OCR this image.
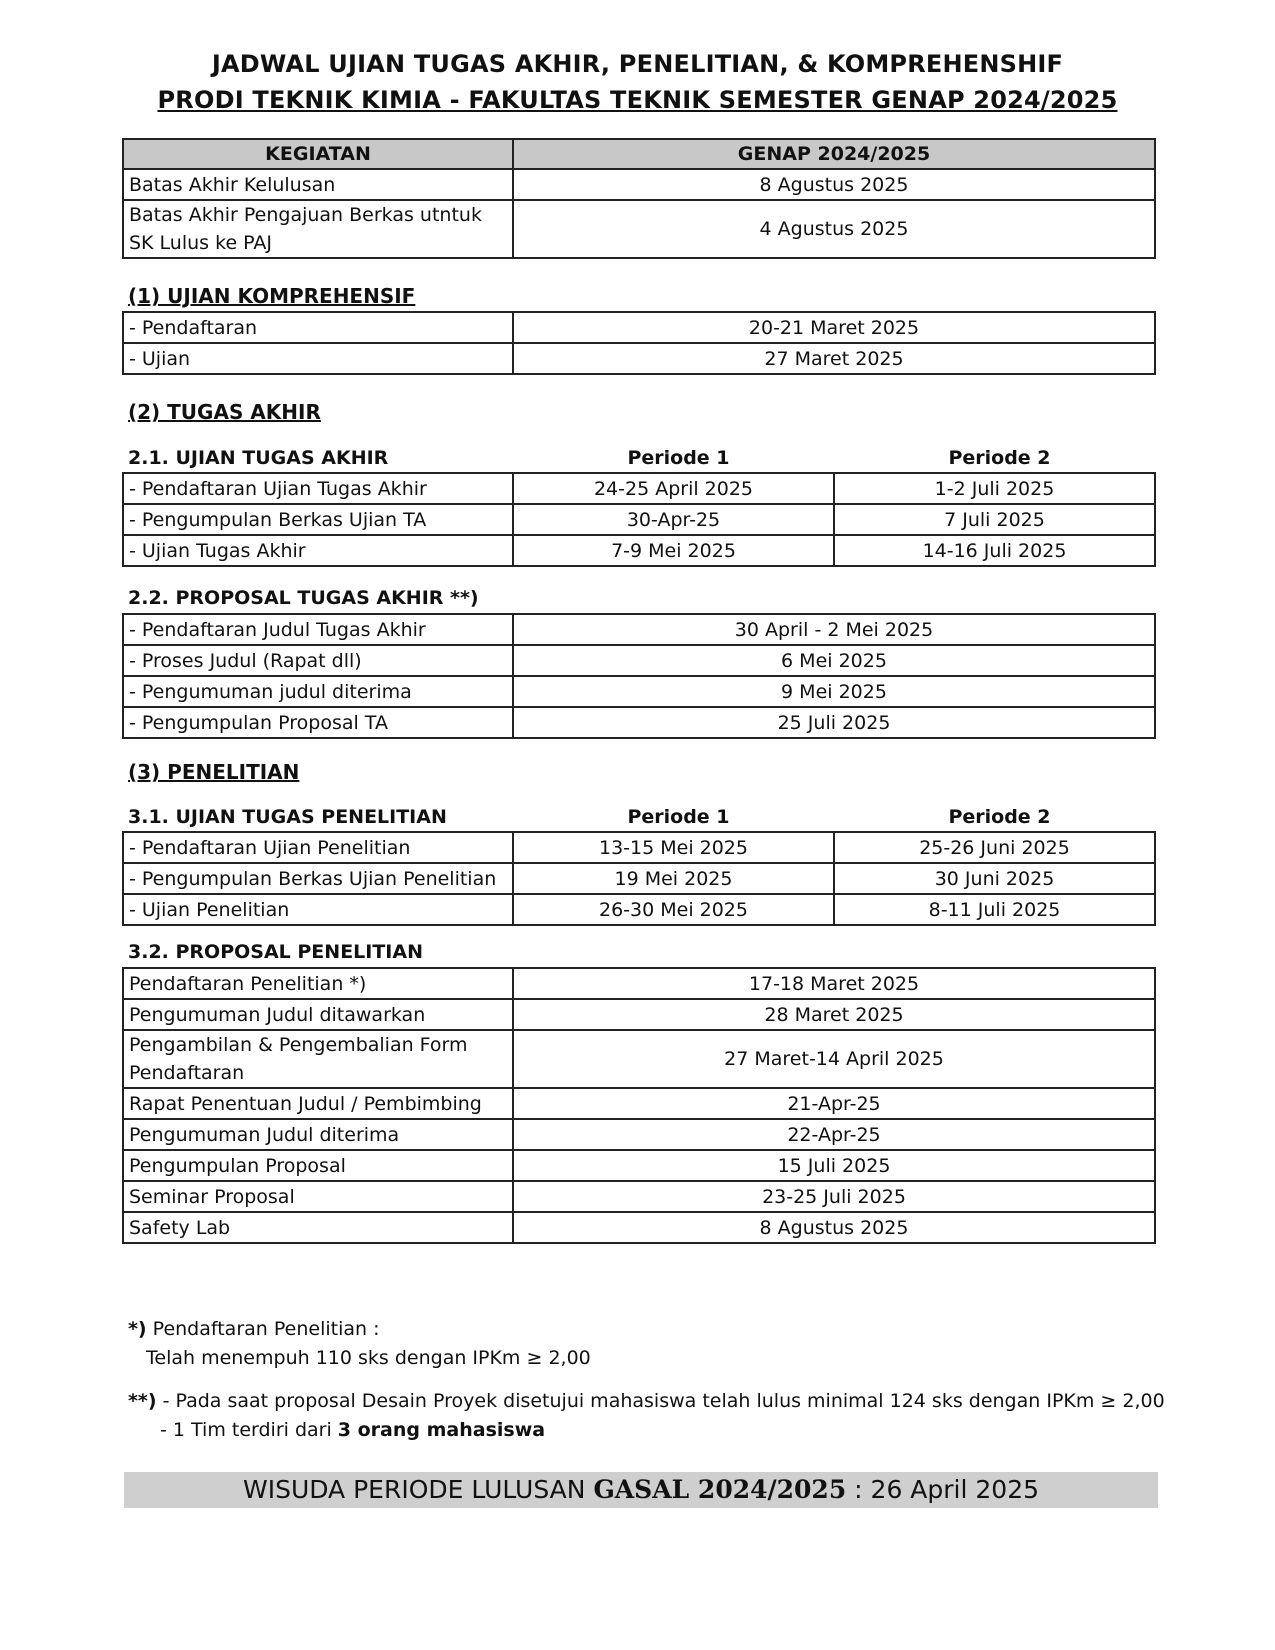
JADWAL UJIAN TUGAS AKHIR, PENELITIAN, & KOMPREHENSHIF
PRODI TEKNIK KIMIA - FAKULTAS TEKNIK SEMESTER GENAP 2024/2025
KEGIATAN	GENAP 2024/2025
Batas Akhir Kelulusan	8 Agustus 2025
Batas Akhir Pengajuan Berkas utntuk SK Lulus ke PAJ	4 Agustus 2025
(1) UJIAN KOMPREHENSIF
- Pendaftaran	20-21 Maret 2025
- Ujian	27 Maret 2025
(2) TUGAS AKHIR
2.1. UJIAN TUGAS AKHIR	Periode 1	Periode 2
- Pendaftaran Ujian Tugas Akhir	24-25 April 2025	1-2 Juli 2025
- Pengumpulan Berkas Ujian TA	30-Apr-25	7 Juli 2025
- Ujian Tugas Akhir	7-9 Mei 2025	14-16 Juli 2025
2.2. PROPOSAL TUGAS AKHIR **)
- Pendaftaran Judul Tugas Akhir	30 April - 2 Mei 2025
- Proses Judul (Rapat dll)	6 Mei 2025
- Pengumuman judul diterima	9 Mei 2025
- Pengumpulan Proposal TA	25 Juli 2025
(3) PENELITIAN
3.1. UJIAN TUGAS PENELITIAN	Periode 1	Periode 2
- Pendaftaran Ujian Penelitian	13-15 Mei 2025	25-26 Juni 2025
- Pengumpulan Berkas Ujian Penelitian	19 Mei 2025	30 Juni 2025
- Ujian Penelitian	26-30 Mei 2025	8-11 Juli 2025
3.2. PROPOSAL PENELITIAN
Pendaftaran Penelitian *)	17-18 Maret 2025
Pengumuman Judul ditawarkan	28 Maret 2025
Pengambilan & Pengembalian Form Pendaftaran	27 Maret-14 April 2025
Rapat Penentuan Judul / Pembimbing	21-Apr-25
Pengumuman Judul diterima	22-Apr-25
Pengumpulan Proposal	15 Juli 2025
Seminar Proposal	23-25 Juli 2025
Safety Lab	8 Agustus 2025
*) Pendaftaran Penelitian :
Telah menempuh 110 sks dengan IPKm ≥ 2,00
**) - Pada saat proposal Desain Proyek disetujui mahasiswa telah lulus minimal 124 sks dengan IPKm ≥ 2,00
- 1 Tim terdiri dari 3 orang mahasiswa
WISUDA PERIODE LULUSAN GASAL 2024/2025 : 26 April 2025
